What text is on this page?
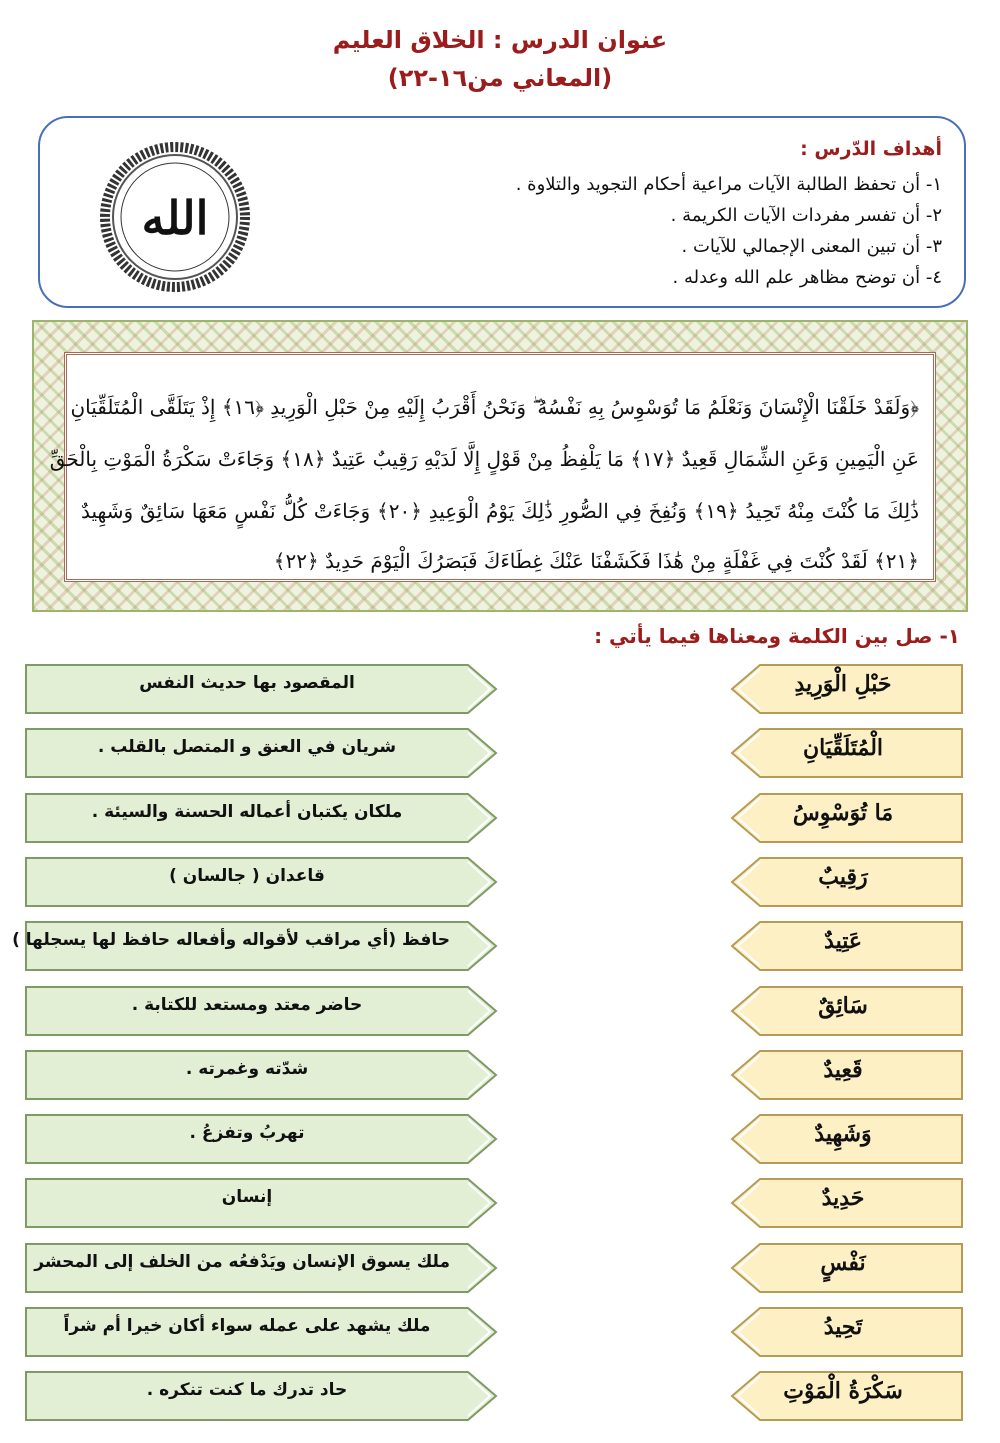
عنوان الدرس : الخلاق العليم
(المعاني من١٦-٢٢)
أهداف الدّرس :
١- أن تحفظ الطالبة الآيات مراعية أحكام التجويد والتلاوة .
٢- أن تفسر مفردات الآيات الكريمة .
٣- أن تبين المعنى الإجمالي للآيات .
٤- أن توضح مظاهر علم الله وعدله .
الله
﴿وَلَقَدْ خَلَقْنَا الْإِنْسَانَ وَنَعْلَمُ مَا تُوَسْوِسُ بِهِ نَفْسُهُ ۖ وَنَحْنُ أَقْرَبُ إِلَيْهِ مِنْ حَبْلِ الْوَرِيدِ ﴿١٦﴾ إِذْ يَتَلَقَّى الْمُتَلَقِّيَانِ
عَنِ الْيَمِينِ وَعَنِ الشِّمَالِ قَعِيدٌ ﴿١٧﴾ مَا يَلْفِظُ مِنْ قَوْلٍ إِلَّا لَدَيْهِ رَقِيبٌ عَتِيدٌ ﴿١٨﴾ وَجَاءَتْ سَكْرَةُ الْمَوْتِ بِالْحَقِّ
ذَٰلِكَ مَا كُنْتَ مِنْهُ تَحِيدُ ﴿١٩﴾ وَنُفِخَ فِي الصُّورِ ذَٰلِكَ يَوْمُ الْوَعِيدِ ﴿٢٠﴾ وَجَاءَتْ كُلُّ نَفْسٍ مَعَهَا سَائِقٌ وَشَهِيدٌ
﴿٢١﴾ لَقَدْ كُنْتَ فِي غَفْلَةٍ مِنْ هَٰذَا فَكَشَفْنَا عَنْكَ غِطَاءَكَ فَبَصَرُكَ الْيَوْمَ حَدِيدٌ ﴿٢٢﴾
١- صل بين الكلمة ومعناها فيما يأتي :
المقصود بها حديث النفس	حَبْلِ الْوَرِيدِ
شريان في العنق و المتصل بالقلب .	الْمُتَلَقِّيَانِ
ملكان يكتبان أعماله الحسنة والسيئة .	مَا تُوَسْوِسُ
قاعدان ( جالسان )	رَقِيبٌ
حافظ (أي مراقب لأقواله وأفعاله حافظ لها يسجلها )	عَتِيدٌ
حاضر معتد ومستعد للكتابة .	سَائِقٌ
شدّته وغمرته .	قَعِيدٌ
تهربُ وتفزعُ .	وَشَهِيدٌ
إنسان	حَدِيدٌ
ملك يسوق الإنسان ويَدْفعُه من الخلف إلى المحشر	نَفْسٍ
ملك يشهد على عمله سواء أكان خيرا أم شراً	تَحِيدُ
حاد تدرك ما كنت تنكره .	سَكْرَةُ الْمَوْتِ
